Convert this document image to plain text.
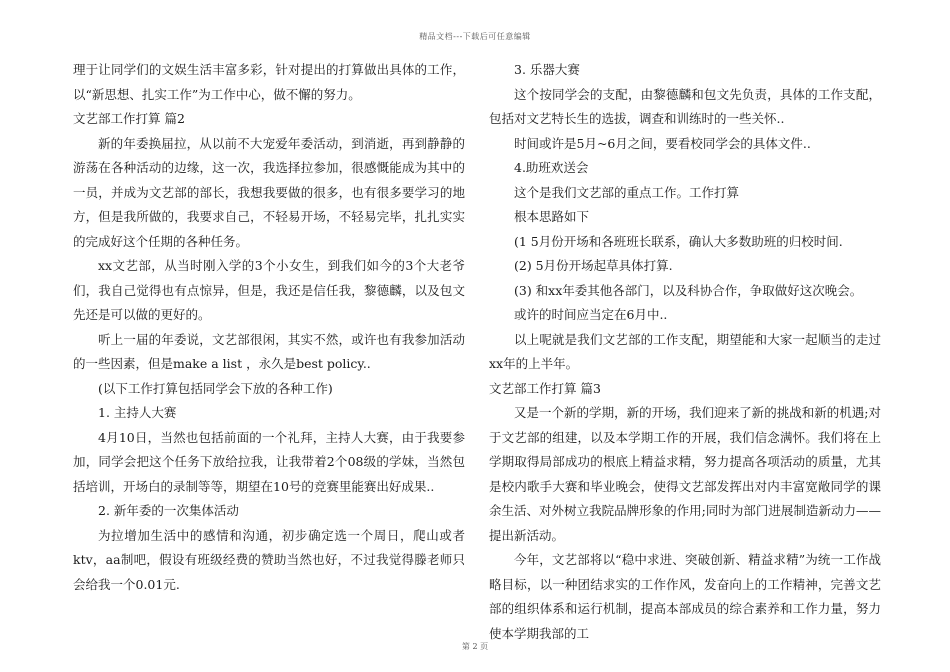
精品文档---下载后可任意编辑

理于让同学们的文娱生活丰富多彩，针对提出的打算做出具体的工作，以“新思想、扎实工作”为工作中心，做不懈的努力。

文艺部工作打算 篇2

新的年委换届拉，从以前不大宠爱年委活动，到消逝，再到静静的游荡在各种活动的边缘，这一次，我选择拉参加，很感慨能成为其中的一员，并成为文艺部的部长，我想我要做的很多，也有很多要学习的地方，但是我所做的，我要求自己，不轻易开场，不轻易完毕，扎扎实实的完成好这个任期的各种任务。

xx文艺部，从当时刚入学的3个小女生，到我们如今的3个大老爷们，我自己觉得也有点惊异，但是，我还是信任我，黎德麟，以及包文先还是可以做的更好的。

听上一届的年委说，文艺部很闲，其实不然，或许也有我参加活动的一些因素，但是make a list ，永久是best policy..

(以下工作打算包括同学会下放的各种工作)

1. 主持人大赛

4月10日，当然也包括前面的一个礼拜，主持人大赛，由于我要参加，同学会把这个任务下放给拉我，让我带着2个08级的学妹，当然包括培训，开场白的录制等等，期望在10号的竞赛里能赛出好成果..

2. 新年委的一次集体活动

为拉增加生活中的感情和沟通，初步确定选一个周日，爬山或者ktv，aa制吧，假设有班级经费的赞助当然也好，不过我觉得滕老师只会给我一个0.01元.

3. 乐器大赛

这个按同学会的支配，由黎德麟和包文先负责，具体的工作支配，包括对文艺特长生的选拔，调查和训练时的一些关怀..

时间或许是5月~6月之间，要看校同学会的具体文件..

4.助班欢送会

这个是我们文艺部的重点工作。工作打算

根本思路如下

(1 5月份开场和各班班长联系，确认大多数助班的归校时间.

(2) 5月份开场起草具体打算.

(3) 和xx年委其他各部门，以及科协合作，争取做好这次晚会。

或许的时间应当定在6月中..

以上呢就是我们文艺部的工作支配，期望能和大家一起顺当的走过xx年的上半年。

文艺部工作打算 篇3

又是一个新的学期，新的开场，我们迎来了新的挑战和新的机遇;对于文艺部的组建，以及本学期工作的开展，我们信念满怀。我们将在上学期取得局部成功的根底上精益求精，努力提高各项活动的质量，尤其是校内歌手大赛和毕业晚会，使得文艺部发挥出对内丰富宽敞同学的课余生活、对外树立我院品牌形象的作用;同时为部门进展制造新动力——提出新活动。

今年，文艺部将以“稳中求进、突破创新、精益求精”为统一工作战略目标，以一种团结求实的工作作风，发奋向上的工作精神，完善文艺部的组织体系和运行机制，提高本部成员的综合素养和工作力量，努力使本学期我部的工

第 2 页
